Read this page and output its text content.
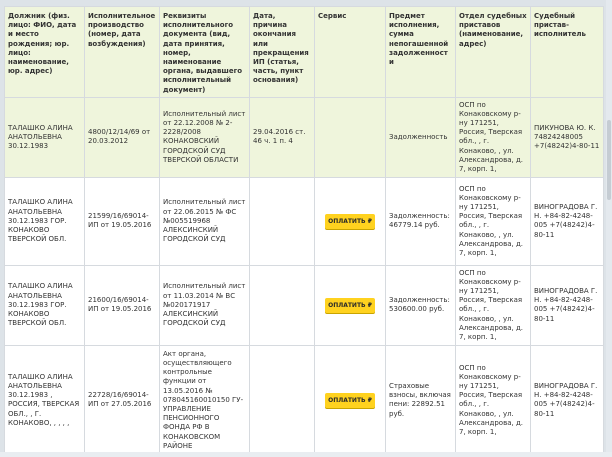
Должник (физ. лицо: ФИО, дата и место рождения; юр. лицо: наименование, юр. адрес)	Исполнительное производство (номер, дата возбуждения)	Реквизиты исполнительного документа (вид, дата принятия, номер, наименование органа, выдавшего исполнительный документ)	Дата, причина окончания или прекращения ИП (статья, часть, пункт основания)	Сервис	Предмет исполнения, сумма непогашенной задолженности	Отдел судебных приставов (наименование, адрес)	Судебный пристав-исполнитель
ТАЛАШКО АЛИНА АНАТОЛЬЕВНА 30.12.1983	4800/12/14/69 от 20.03.2012	Исполнительный лист от 22.12.2008 № 2-2228/2008 КОНАКОВСКИЙ ГОРОДСКОЙ СУД ТВЕРСКОЙ ОБЛАСТИ	29.04.2016 ст. 46 ч. 1 п. 4		Задолженность	ОСП по Конаковскому р-ну 171251, Россия, Тверская обл., , г. Конаково, , ул. Александрова, д. 7, корп. 1,	ПИКУНОВА Ю. К. 74824248005 +7(48242)4-80-11
ТАЛАШКО АЛИНА АНАТОЛЬЕВНА 30.12.1983 ГОР. КОНАКОВО ТВЕРСКОЙ ОБЛ.	21599/16/69014-ИП от 19.05.2016	Исполнительный лист от 22.06.2015 № ФС №005519968 АЛЕКСИНСКИЙ ГОРОДСКОЙ СУД		ОПЛАТИТЬ ₽	Задолженность: 46779.14 руб.	ОСП по Конаковскому р-ну 171251, Россия, Тверская обл., , г. Конаково, , ул. Александрова, д. 7, корп. 1,	ВИНОГРАДОВА Г. Н. +84-82-4248-005 +7(48242)4-80-11
ТАЛАШКО АЛИНА АНАТОЛЬЕВНА 30.12.1983 ГОР. КОНАКОВО ТВЕРСКОЙ ОБЛ.	21600/16/69014-ИП от 19.05.2016	Исполнительный лист от 11.03.2014 № ВС №020171917 АЛЕКСИНСКИЙ ГОРОДСКОЙ СУД		ОПЛАТИТЬ ₽	Задолженность: 530600.00 руб.	ОСП по Конаковскому р-ну 171251, Россия, Тверская обл., , г. Конаково, , ул. Александрова, д. 7, корп. 1,	ВИНОГРАДОВА Г. Н. +84-82-4248-005 +7(48242)4-80-11
ТАЛАШКО АЛИНА АНАТОЛЬЕВНА 30.12.1983 , РОССИЯ, ТВЕРСКАЯ ОБЛ., , Г. КОНАКОВО, , , , ,	22728/16/69014-ИП от 27.05.2016	Акт органа, осуществляющего контрольные функции от 13.05.2016 № 07804516001015​0 ГУ- УПРАВЛЕНИЕ ПЕНСИОННОГО ФОНДА РФ В КОНАКОВСКОМ РАЙОНЕ		ОПЛАТИТЬ ₽	Страховые взносы, включая пени: 22892.51 руб.	ОСП по Конаковскому р-ну 171251, Россия, Тверская обл., , г. Конаково, , ул. Александрова, д. 7, корп. 1,	ВИНОГРАДОВА Г. Н. +84-82-4248-005 +7(48242)4-80-11
